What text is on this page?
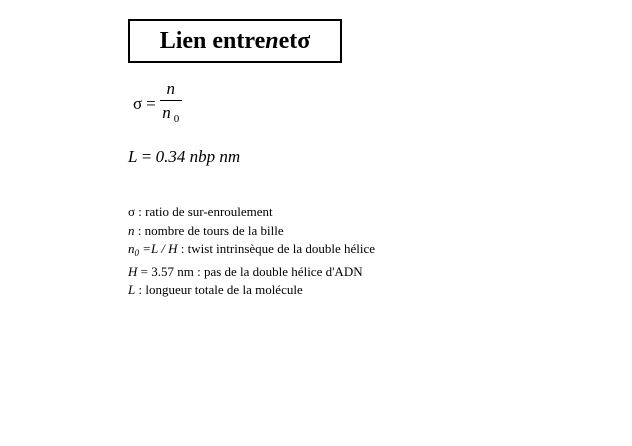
Lien entre n et σ
$\sigma = \frac{n}{n _0}$
L = 0.34 nbp nm
σ : ratio de sur-enroulement
n : nombre de tours de la bille
$n_0 =L / H$ : twist intrinsèque de la double hélice
H = 3.57 nm : pas de la double hélice d'ADN
L : longueur totale de la molécule
